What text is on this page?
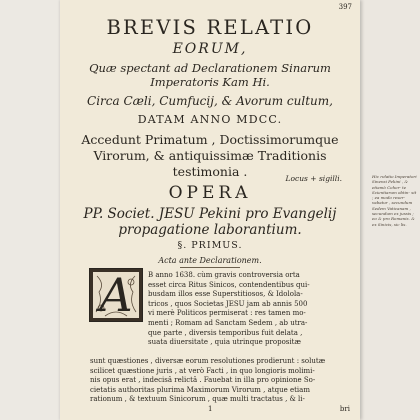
397
BREVIS RELATIO
EORUM,
Quæ spectant ad Declarationem Sinarum
Imperatoris Kam Hi.
Circa Cæli, Cumfucij, & Avorum cultum,
DATAM ANNO MDCC.
Accedunt Primatum , Doctissimorumque
Virorum, & antiquissimæ Traditionis
testimonia .	Locus + sigilli.
OPERA
PP. Societ. JESU Pekini pro Evangelij
propagatione laborantium.
§. PRIMUS.
Acta ante Declarationem.
A	B anno 1638. cùm gravis controversia orta
esset circa Ritus Sinicos, contendentibus qui-
busdam illos esse Superstitiosos, & Idolola-
tricos , quos Societas JESU jam ab annis 500
vi merè Politicos permiserat : res tamen mo-
menti ; Romam ad Sanctam Sedem , ab utra-
que parte , diversis temporibus fuit delata ,
suata diuersitate , quia utrinque propositæ
sunt quæstiones , diversæ eorum resolutiones prodierunt : solutæ
scilicet quæstione juris , at verò Facti , in quo longioris molimi-
nis opus erat , indecisâ relictâ . Fauebat in illa pro opinione So-
cietatis authoritas plurima Maximorum Virorum , atque etiam
rationum , & textuum Sinicorum , quæ multi tractatus , & li-
1	bri
Hic relatio Imperatori Sinensi Pekini , & etiamò Cohor- te Scientiarum obtin- xit ; ea modo reser- vabatur , secundum Sedem Vaticanam , secundum ex jussis ; eo & pro Romanis. & ex Sinicis, sic lis.
